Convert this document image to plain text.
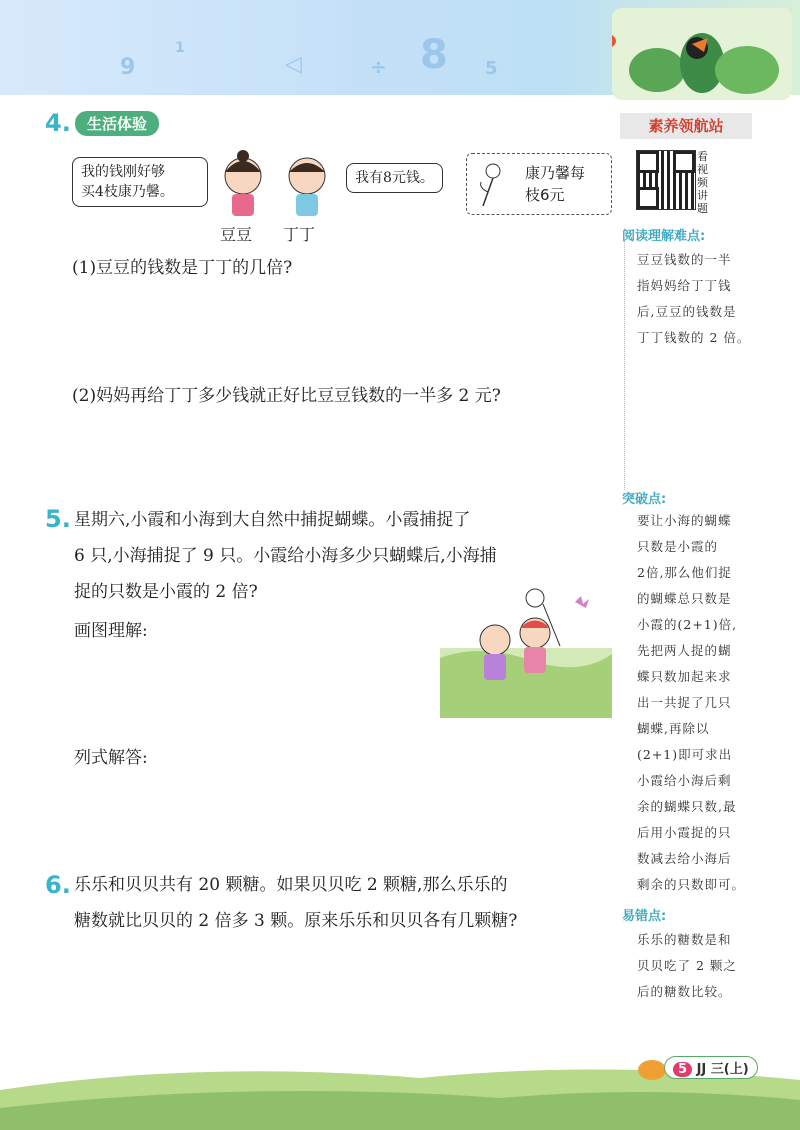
9
1
◁	÷ 8 5
4.	生活体验
我的钱刚好够
买4枝康乃馨。
我有8元钱。	康乃馨每
枝6元
豆豆 丁丁
(1)豆豆的钱数是丁丁的几倍?
(2)妈妈再给丁丁多少钱就正好比豆豆钱数的一半多 2 元?
5. 星期六,小霞和小海到大自然中捕捉蝴蝶。小霞捕捉了
6 只,小海捕捉了 9 只。小霞给小海多少只蝴蝶后,小海捕
捉的只数是小霞的 2 倍?
画图理解:
列式解答:
6. 乐乐和贝贝共有 20 颗糖。如果贝贝吃 2 颗糖,那么乐乐的
糖数就比贝贝的 2 倍多 3 颗。原来乐乐和贝贝各有几颗糖?
素养领航站
看视频讲题
阅读理解难点:
豆豆钱数的一半
指妈妈给丁丁钱
后,豆豆的钱数是
丁丁钱数的 2 倍。
突破点:
要让小海的蝴蝶
只数是小霞的
2倍,那么他们捉
的蝴蝶总只数是
小霞的(2+1)倍,
先把两人捉的蝴
蝶只数加起来求
出一共捉了几只
蝴蝶,再除以
(2+1)即可求出
小霞给小海后剩
余的蝴蝶只数,最
后用小霞捉的只
数减去给小海后
剩余的只数即可。
易错点:
乐乐的糖数是和
贝贝吃了 2 颗之
后的糖数比较。
5 JJ 三(上)
